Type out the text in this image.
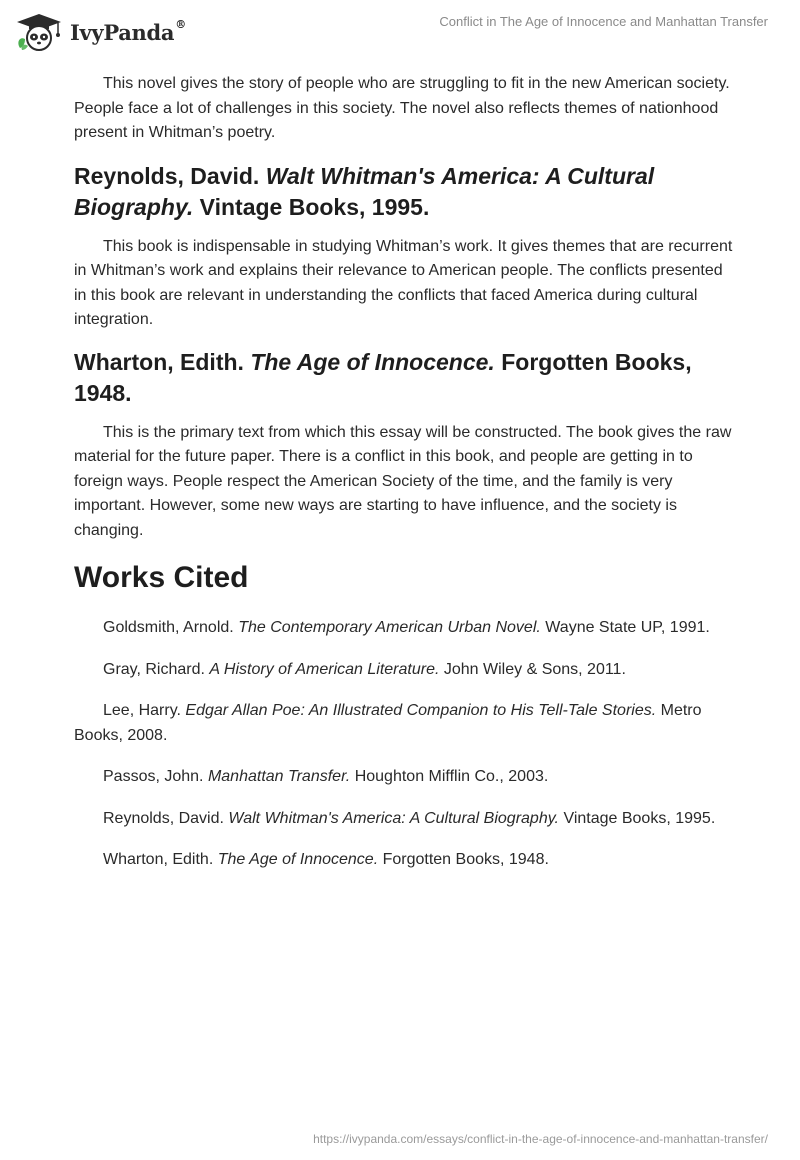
IvyPanda®	Conflict in The Age of Innocence and Manhattan Transfer

This novel gives the story of people who are struggling to fit in the new American society. People face a lot of challenges in this society. The novel also reflects themes of nationhood present in Whitman’s poetry.

Reynolds, David. Walt Whitman's America: A Cultural Biography. Vintage Books, 1995.

This book is indispensable in studying Whitman’s work. It gives themes that are recurrent in Whitman’s work and explains their relevance to American people. The conflicts presented in this book are relevant in understanding the conflicts that faced America during cultural integration.

Wharton, Edith. The Age of Innocence. Forgotten Books, 1948.

This is the primary text from which this essay will be constructed. The book gives the raw material for the future paper. There is a conflict in this book, and people are getting in to foreign ways. People respect the American Society of the time, and the family is very important. However, some new ways are starting to have influence, and the society is changing.

Works Cited

Goldsmith, Arnold. The Contemporary American Urban Novel. Wayne State UP, 1991.

Gray, Richard. A History of American Literature. John Wiley & Sons, 2011.

Lee, Harry. Edgar Allan Poe: An Illustrated Companion to His Tell-Tale Stories. Metro Books, 2008.

Passos, John. Manhattan Transfer. Houghton Mifflin Co., 2003.

Reynolds, David. Walt Whitman's America: A Cultural Biography. Vintage Books, 1995.

Wharton, Edith. The Age of Innocence. Forgotten Books, 1948.

https://ivypanda.com/essays/conflict-in-the-age-of-innocence-and-manhattan-transfer/
